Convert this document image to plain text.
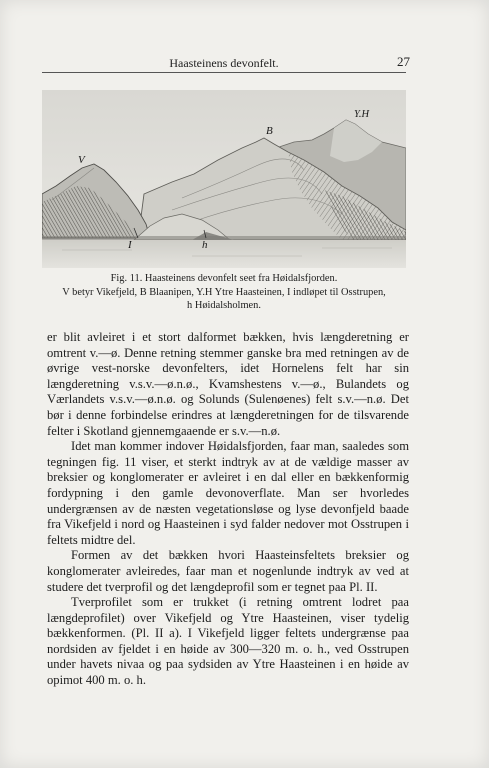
Haasteinens devonfelt.	27
V
B
Y.H
I	h
Fig. 11. Haasteinens devonfelt seet fra Høidalsfjorden.
V betyr Vikefjeld, B Blaanipen, Y.H Ytre Haasteinen, I indløpet til Osstrupen,
h Høidalsholmen.

er blit avleiret i et stort dalformet bækken, hvis længderetning er omtrent v.—ø. Denne retning stemmer ganske bra med retningen av de øvrige vest-norske devonfelters, idet Hornelens felt har sin længderetning v.s.v.—ø.n.ø., Kvamshestens v.—ø., Bulandets og Værlandets v.s.v.—ø.n.ø. og Solunds (Sulenøenes) felt s.v.—n.ø. Det bør i denne forbindelse erindres at længderetningen for de tilsvarende felter i Skotland gjennemgaaende er s.v.—n.ø.

Idet man kommer indover Høidalsfjorden, faar man, saaledes som tegningen fig. 11 viser, et sterkt indtryk av at de vældige masser av breksier og konglomerater er avleiret i en dal eller en bækkenformig fordypning i den gamle devonoverflate. Man ser hvorledes undergrænsen av de næsten vegetationsløse og lyse devonfjeld baade fra Vikefjeld i nord og Haasteinen i syd falder nedover mot Osstrupen i feltets midtre del.

Formen av det bækken hvori Haasteinsfeltets breksier og konglomerater avleiredes, faar man et nogenlunde indtryk av ved at studere det tverprofil og det længdeprofil som er tegnet paa Pl. II.

Tverprofilet som er trukket (i retning omtrent lodret paa længdeprofilet) over Vikefjeld og Ytre Haasteinen, viser tydelig bækkenformen. (Pl. II a). I Vikefjeld ligger feltets undergrænse paa nordsiden av fjeldet i en høide av 300—320 m. o. h., ved Osstrupen under havets nivaa og paa sydsiden av Ytre Haasteinen i en høide av opimot 400 m. o. h.
